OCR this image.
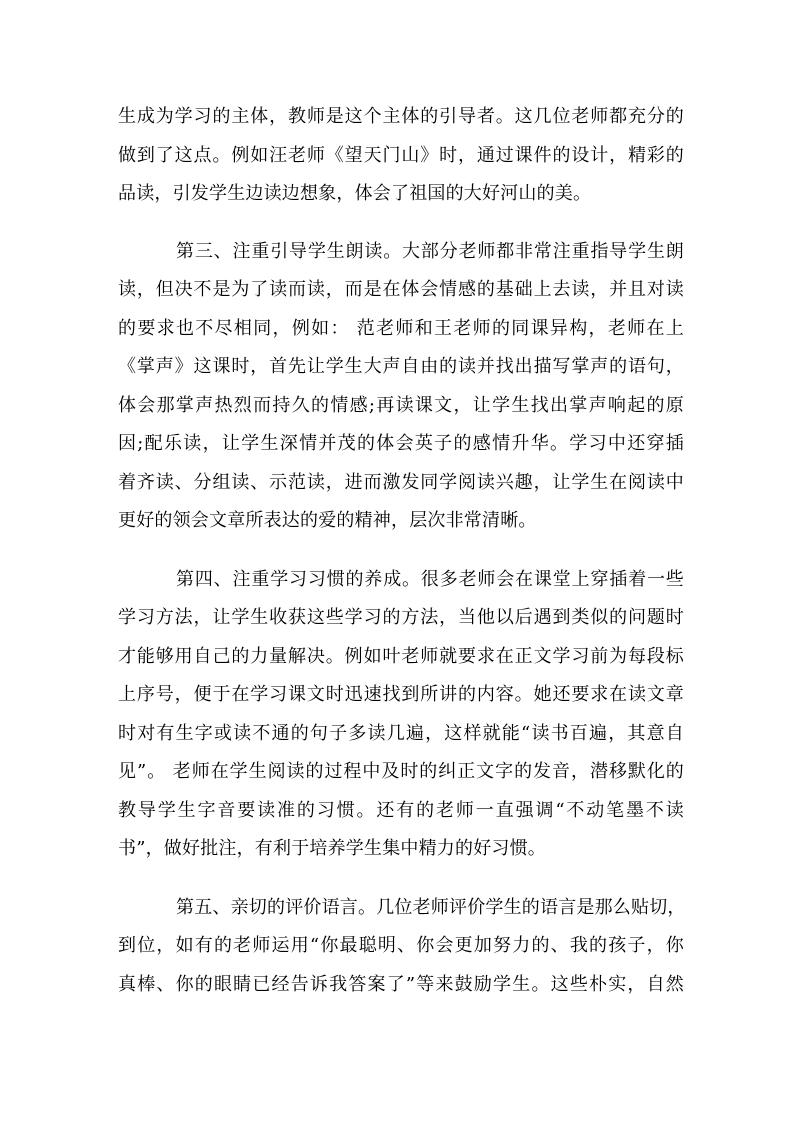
生成为学习的主体，教师是这个主体的引导者。这几位老师都充分的
做到了这点。例如汪老师《望天门山》时，通过课件的设计，精彩的
品读，引发学生边读边想象，体会了祖国的大好河山的美。
第三、注重引导学生朗读。大部分老师都非常注重指导学生朗
读，但决不是为了读而读，而是在体会情感的基础上去读，并且对读
的要求也不尽相同，例如： 范老师和王老师的同课异构，老师在上
《掌声》这课时，首先让学生大声自由的读并找出描写掌声的语句，
体会那掌声热烈而持久的情感;再读课文，让学生找出掌声响起的原
因;配乐读，让学生深情并茂的体会英子的感情升华。学习中还穿插
着齐读、分组读、示范读，进而激发同学阅读兴趣，让学生在阅读中
更好的领会文章所表达的爱的精神，层次非常清晰。
第四、注重学习习惯的养成。很多老师会在课堂上穿插着一些
学习方法，让学生收获这些学习的方法，当他以后遇到类似的问题时
才能够用自己的力量解决。例如叶老师就要求在正文学习前为每段标
上序号，便于在学习课文时迅速找到所讲的内容。她还要求在读文章
时对有生字或读不通的句子多读几遍，这样就能“读书百遍，其意自
见”。 老师在学生阅读的过程中及时的纠正文字的发音，潜移默化的
教导学生字音要读准的习惯。还有的老师一直强调“不动笔墨不读
书”，做好批注，有利于培养学生集中精力的好习惯。
第五、亲切的评价语言。几位老师评价学生的语言是那么贴切，
到位，如有的老师运用“你最聪明、你会更加努力的、我的孩子，你
真棒、你的眼睛已经告诉我答案了”等来鼓励学生。这些朴实，自然
